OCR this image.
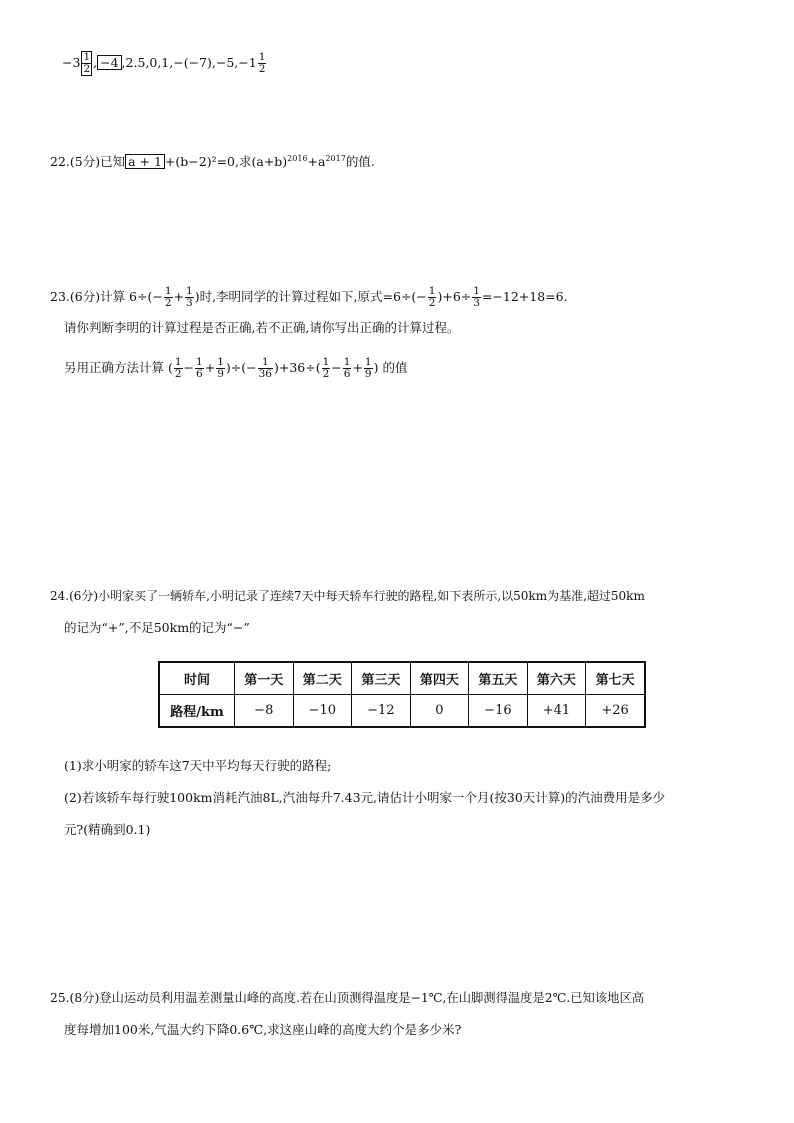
$-3 \frac{1}{2}$ , −4 $,2.5,0,1,-(-7),-5,-1 \frac{1}{2}$
22.(5分)已知 a + 1 +(b−2)²=0,求$(a+b)^{2016}+a^{2017}$的值.
23.(6分)计算 $6\div(- \frac{1}{2} + \frac{1}{3}$ )时,李明同学的计算过程如下,原式$=6\div(- \frac{1}{2} )+6\div \frac{1}{3} =-12+18=6$.
请你判断李明的计算过程是否正确,若不正确,请你写出正确的计算过程。
另用正确方法计算 ( $\frac{1}{2} - \frac{1}{6} + \frac{1}{9}$ )÷(− $\frac{1}{36} )+36\div( \frac{1}{2} - \frac{1}{6} + \frac{1}{9}$ ) 的值
24.(6分)小明家买了一辆轿车,小明记录了连续7天中每天轿车行驶的路程,如下表所示,以50km为基准,超过50km
的记为“+”,不足50km的记为“−”
时间	第一天	第二天	第三天	第四天	第五天	第六天	第七天
路程/km	−8	−10	−12	0	−16	+41	+26
(1)求小明家的轿车这7天中平均每天行驶的路程;
(2)若该轿车每行驶100km消耗汽油8L,汽油每升7.43元,请估计小明家一个月(按30天计算)的汽油费用是多少
元?(精确到0.1)
25.(8分)登山运动员利用温差测量山峰的高度.若在山顶测得温度是−1℃,在山脚测得温度是2℃.已知该地区高
度每增加100米,气温大约下降0.6℃,求这座山峰的高度大约个是多少米?
